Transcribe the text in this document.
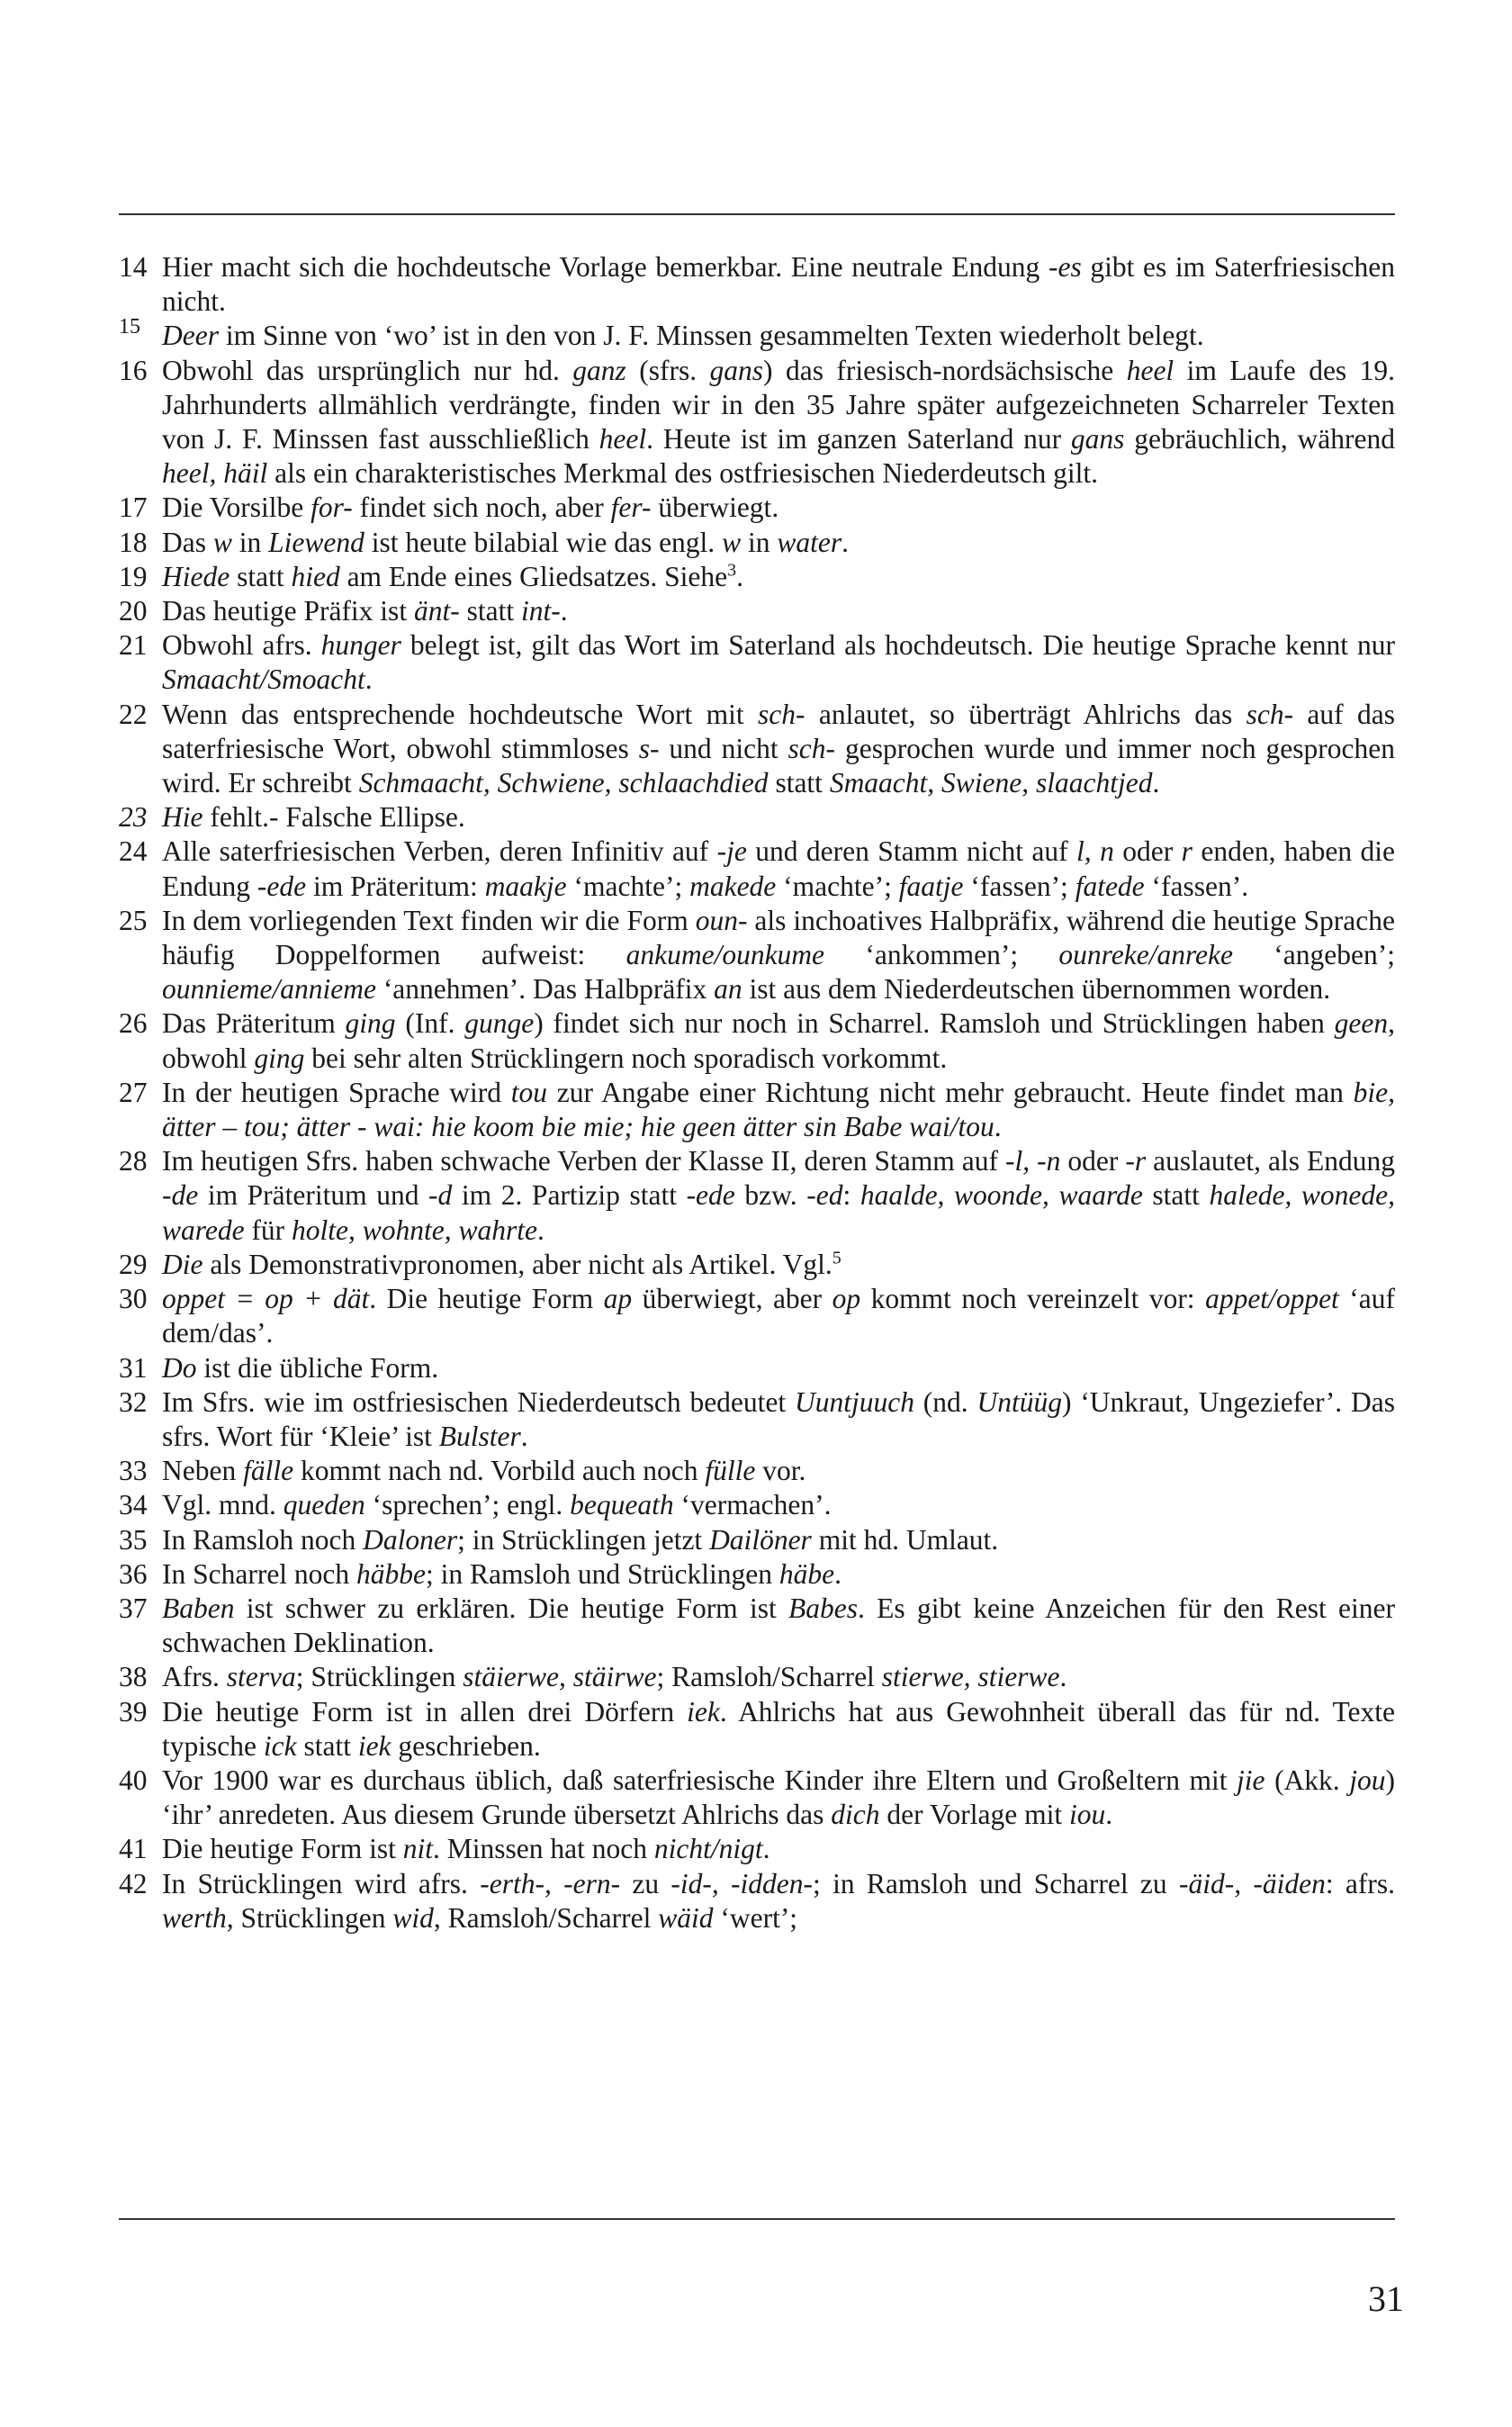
14 Hier macht sich die hochdeutsche Vorlage bemerkbar. Eine neutrale Endung -es gibt es im Saterfriesischen nicht.
15 Deer im Sinne von ‘wo’ ist in den von J. F. Minssen gesammelten Texten wiederholt belegt.
16 Obwohl das ursprünglich nur hd. ganz (sfrs. gans) das friesisch-nordsächsische heel im Laufe des 19. Jahrhunderts allmählich verdrängte, finden wir in den 35 Jahre später aufgezeichneten Scharreler Texten von J. F. Minssen fast ausschließlich heel. Heute ist im ganzen Saterland nur gans gebräuchlich, während heel, häil als ein charakteristisches Merkmal des ostfriesischen Niederdeutsch gilt.
17 Die Vorsilbe for- findet sich noch, aber fer- überwiegt.
18 Das w in Liewend ist heute bilabial wie das engl. w in water.
19 Hiede statt hied am Ende eines Gliedsatzes. Siehe$^3$.
20 Das heutige Präfix ist änt- statt int-.
21 Obwohl afrs. hunger belegt ist, gilt das Wort im Saterland als hochdeutsch. Die heutige Sprache kennt nur Smaacht/Smoacht.
22 Wenn das entsprechende hochdeutsche Wort mit sch- anlautet, so überträgt Ahlrichs das sch- auf das saterfriesische Wort, obwohl stimmloses s- und nicht sch- gesprochen wurde und immer noch gesprochen wird. Er schreibt Schmaacht, Schwiene, schlaachdied statt Smaacht, Swiene, slaachtjed.
23 Hie fehlt.- Falsche Ellipse.
24 Alle saterfriesischen Verben, deren Infinitiv auf -je und deren Stamm nicht auf l, n oder r enden, haben die Endung -ede im Präteritum: maakje ‘machte’; makede ‘machte’; faatje ‘fassen’; fatede ‘fassen’.
25 In dem vorliegenden Text finden wir die Form oun- als inchoatives Halbpräfix, während die heutige Sprache häufig Doppelformen aufweist: ankume/ounkume ‘ankommen’; ounreke/anreke ‘angeben’; ounnieme/annieme ‘annehmen’. Das Halbpräfix an ist aus dem Niederdeutschen übernommen worden.
26 Das Präteritum ging (Inf. gunge) findet sich nur noch in Scharrel. Ramsloh und Strücklingen haben geen, obwohl ging bei sehr alten Strücklingern noch sporadisch vorkommt.
27 In der heutigen Sprache wird tou zur Angabe einer Richtung nicht mehr gebraucht. Heute findet man bie, ätter – tou; ätter - wai: hie koom bie mie; hie geen ätter sin Babe wai/tou.
28 Im heutigen Sfrs. haben schwache Verben der Klasse II, deren Stamm auf -l, -n oder -r auslautet, als Endung -de im Präteritum und -d im 2. Partizip statt -ede bzw. -ed: haalde, woonde, waarde statt halede, wonede, warede für holte, wohnte, wahrte.
29 Die als Demonstrativpronomen, aber nicht als Artikel. Vgl.$^5$
30 oppet = op + dät. Die heutige Form ap überwiegt, aber op kommt noch vereinzelt vor: appet/oppet ‘auf dem/das’.
31 Do ist die übliche Form.
32 Im Sfrs. wie im ostfriesischen Niederdeutsch bedeutet Uuntjuuch (nd. Untüüg) ‘Unkraut, Ungeziefer’. Das sfrs. Wort für ‘Kleie’ ist Bulster.
33 Neben fälle kommt nach nd. Vorbild auch noch fülle vor.
34 Vgl. mnd. queden ‘sprechen’; engl. bequeath ‘vermachen’.
35 In Ramsloh noch Daloner; in Strücklingen jetzt Dailöner mit hd. Umlaut.
36 In Scharrel noch häbbe; in Ramsloh und Strücklingen häbe.
37 Baben ist schwer zu erklären. Die heutige Form ist Babes. Es gibt keine Anzeichen für den Rest einer schwachen Deklination.
38 Afrs. sterva; Strücklingen stäierwe, stäirwe; Ramsloh/Scharrel stierwe, stierwe.
39 Die heutige Form ist in allen drei Dörfern iek. Ahlrichs hat aus Gewohnheit überall das für nd. Texte typische ick statt iek geschrieben.
40 Vor 1900 war es durchaus üblich, daß saterfriesische Kinder ihre Eltern und Großeltern mit jie (Akk. jou) ‘ihr’ anredeten. Aus diesem Grunde übersetzt Ahlrichs das dich der Vorlage mit iou.
41 Die heutige Form ist nit. Minssen hat noch nicht/nigt.
42 In Strücklingen wird afrs. -erth-, -ern- zu -id-, -idden-; in Ramsloh und Scharrel zu -äid-, -äiden: afrs. werth, Strücklingen wid, Ramsloh/Scharrel wäid ‘wert’;
31
